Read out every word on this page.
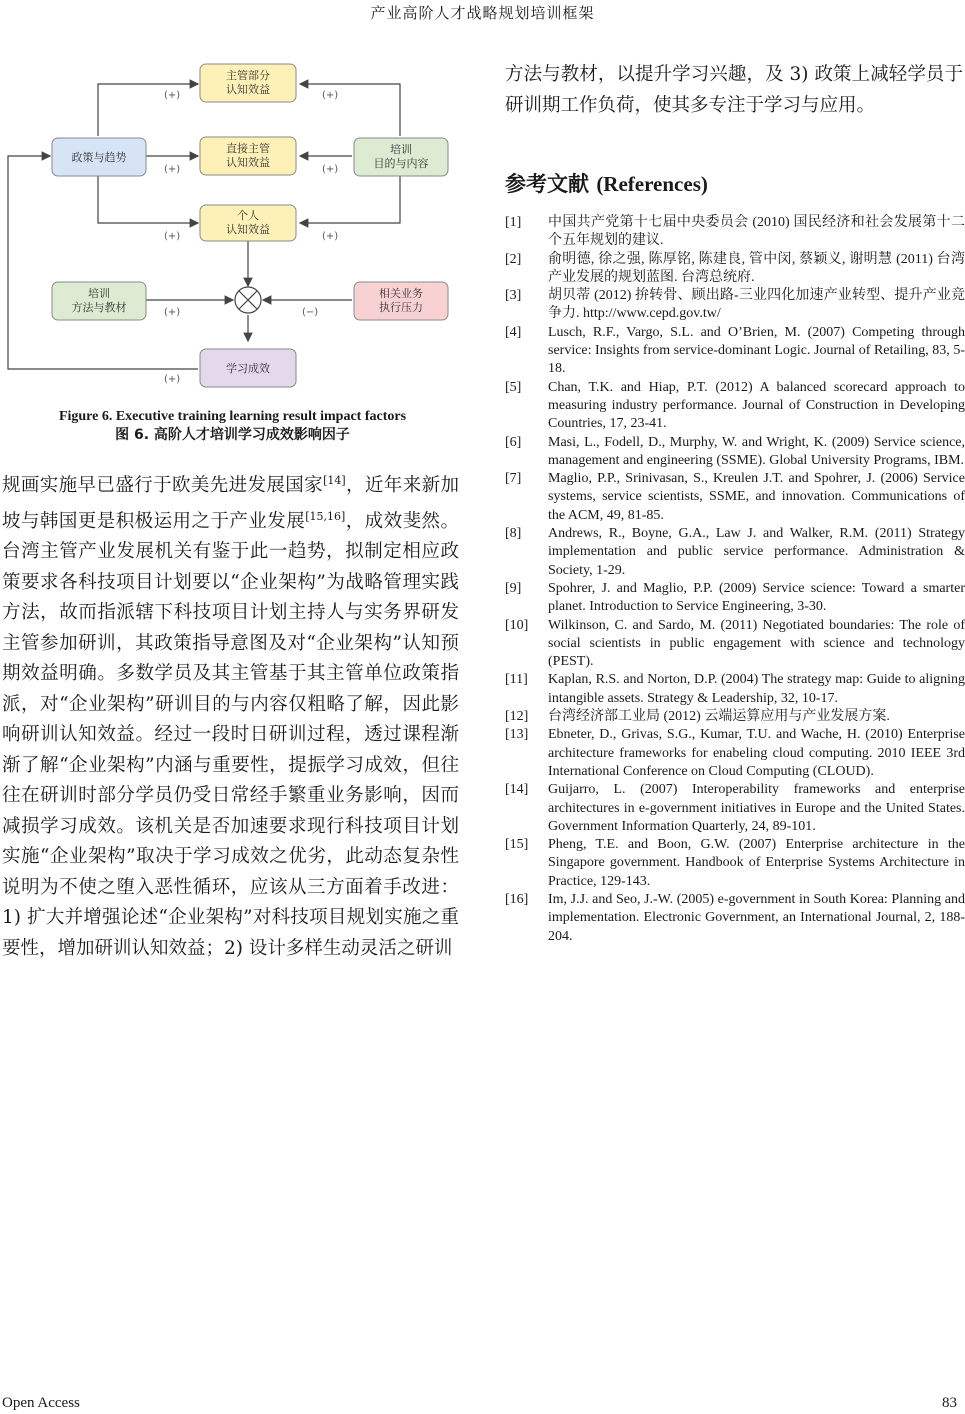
产业高阶人才战略规划培训框架
主管部分
认知效益
政策与趋势
直接主管
认知效益
培训
目的与内容
个人
认知效益
培训
方法与教材
相关业务
执行压力
学习成效
(+)	(+)
(+)	(+)
(+)	(+)
(+)	(−)
(+)
Figure 6. Executive training learning result impact factors
图 6. 高阶人才培训学习成效影响因子

规画实施早已盛行于欧美先进发展国家[14]，近年来新加坡与韩国更是积极运用之于产业发展[15,16]，成效斐然。台湾主管产业发展机关有鉴于此一趋势，拟制定相应政策要求各科技项目计划要以“企业架构”为战略管理实践方法，故而指派辖下科技项目计划主持人与实务界研发主管参加研训，其政策指导意图及对“企业架构”认知预期效益明确。多数学员及其主管基于其主管单位政策指派，对“企业架构”研训目的与内容仅粗略了解，因此影响研训认知效益。经过一段时日研训过程，透过课程渐渐了解“企业架构”内涵与重要性，提振学习成效，但往往在研训时部分学员仍受日常经手繁重业务影响，因而减损学习成效。该机关是否加速要求现行科技项目计划实施“企业架构”取决于学习成效之优劣，此动态复杂性说明为不使之堕入恶性循环，应该从三方面着手改进：1) 扩大并增强论述“企业架构”对科技项目规划实施之重要性，增加研训认知效益；2) 设计多样生动灵活之研训

方法与教材，以提升学习兴趣，及 3) 政策上减轻学员于研训期工作负荷，使其多专注于学习与应用。

参考文献 (References)
[1]	中国共产党第十七届中央委员会 (2010) 国民经济和社会发展第十二个五年规划的建议.
[2]	俞明德, 徐之强, 陈厚铭, 陈建良, 管中闵, 蔡颖义, 谢明慧 (2011) 台湾产业发展的规划蓝图. 台湾总统府.
[3]	胡贝蒂 (2012) 拚转骨、顾出路-三业四化加速产业转型、提升产业竞争力. http://www.cepd.gov.tw/
[4]	Lusch, R.F., Vargo, S.L. and O’Brien, M. (2007) Competing through service: Insights from service-dominant Logic. Journal of Retailing, 83, 5-18.
[5]	Chan, T.K. and Hiap, P.T. (2012) A balanced scorecard approach to measuring industry performance. Journal of Construction in Developing Countries, 17, 23-41.
[6]	Masi, L., Fodell, D., Murphy, W. and Wright, K. (2009) Service science, management and engineering (SSME). Global University Programs, IBM.
[7]	Maglio, P.P., Srinivasan, S., Kreulen J.T. and Spohrer, J. (2006) Service systems, service scientists, SSME, and innovation. Communications of the ACM, 49, 81-85.
[8]	Andrews, R., Boyne, G.A., Law J. and Walker, R.M. (2011) Strategy implementation and public service performance. Administration & Society, 1-29.
[9]	Spohrer, J. and Maglio, P.P. (2009) Service science: Toward a smarter planet. Introduction to Service Engineering, 3-30.
[10]	Wilkinson, C. and Sardo, M. (2011) Negotiated boundaries: The role of social scientists in public engagement with science and technology (PEST).
[11]	Kaplan, R.S. and Norton, D.P. (2004) The strategy map: Guide to aligning intangible assets. Strategy & Leadership, 32, 10-17.
[12]	台湾经济部工业局 (2012) 云端运算应用与产业发展方案.
[13]	Ebneter, D., Grivas, S.G., Kumar, T.U. and Wache, H. (2010) Enterprise architecture frameworks for enabeling cloud computing. 2010 IEEE 3rd International Conference on Cloud Computing (CLOUD).
[14]	Guijarro, L. (2007) Interoperability frameworks and enterprise architectures in e-government initiatives in Europe and the United States. Government Information Quarterly, 24, 89-101.
[15]	Pheng, T.E. and Boon, G.W. (2007) Enterprise architecture in the Singapore government. Handbook of Enterprise Systems Architecture in Practice, 129-143.
[16]	Im, J.J. and Seo, J.-W. (2005) e-government in South Korea: Planning and implementation. Electronic Government, an International Journal, 2, 188-204.
Open Access	83
